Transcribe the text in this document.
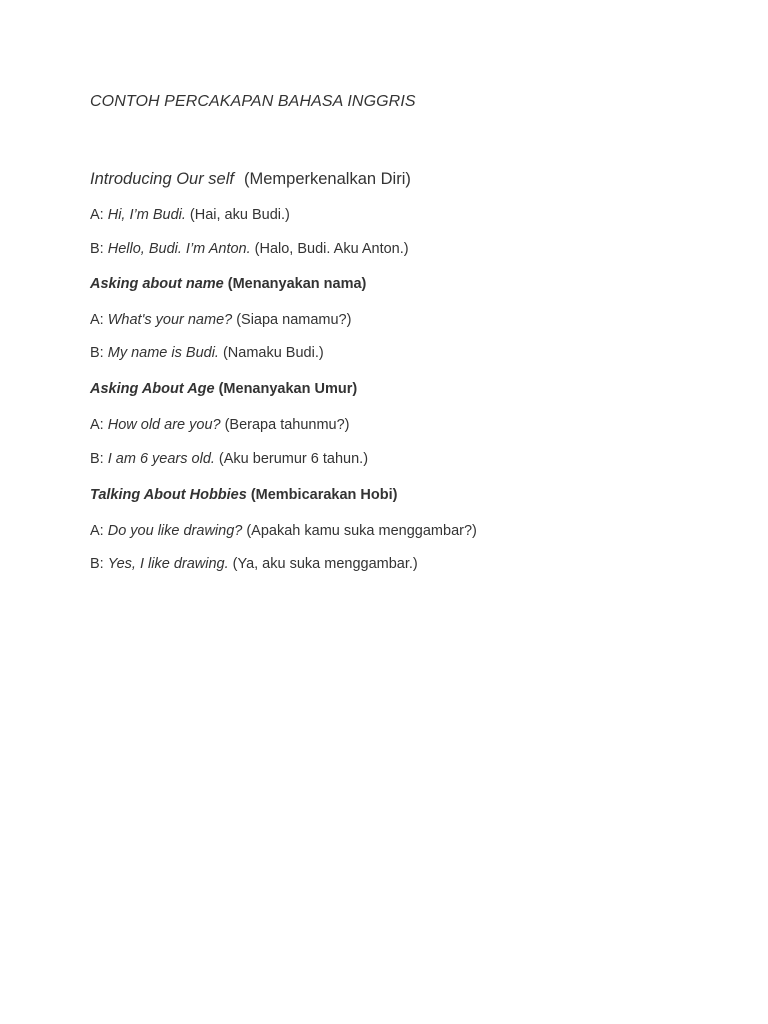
CONTOH PERCAKAPAN BAHASA INGGRIS
Introducing Our self (Memperkenalkan Diri)
A: Hi, I’m Budi. (Hai, aku Budi.)
B: Hello, Budi. I’m Anton. (Halo, Budi. Aku Anton.)
Asking about name (Menanyakan nama)
A: What's your name? (Siapa namamu?)
B: My name is Budi. (Namaku Budi.)
Asking About Age (Menanyakan Umur)
A: How old are you? (Berapa tahunmu?)
B: I am 6 years old. (Aku berumur 6 tahun.)
Talking About Hobbies (Membicarakan Hobi)
A: Do you like drawing? (Apakah kamu suka menggambar?)
B: Yes, I like drawing. (Ya, aku suka menggambar.)
